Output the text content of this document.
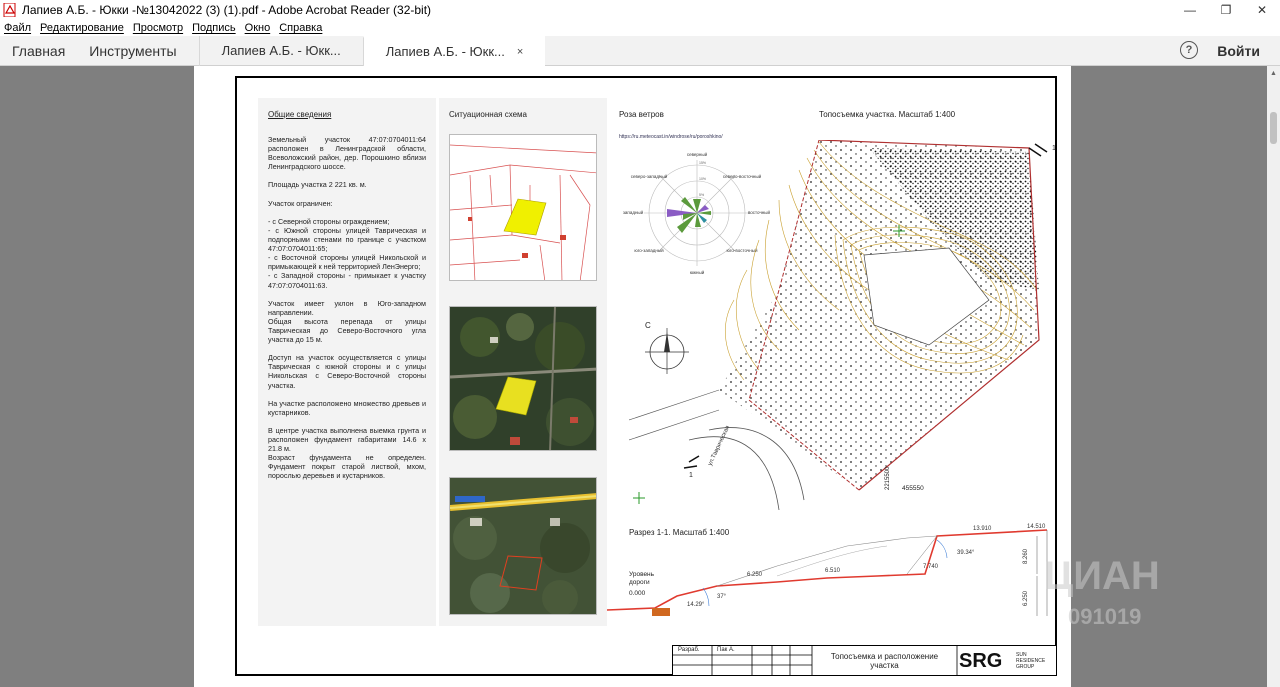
Лапиев А.Б. - Юкки -№13042022 (3) (1).pdf - Adobe Acrobat Reader (32-bit)	—	❐	✕
Файл Редактирование Просмотр Подпись Окно Справка
Главная	Инструменты	Лапиев А.Б. - Юкк...	Лапиев А.Б. - Юкк... ×	?	Войти
Общие сведения
Земельный участок 47:07:0704011:64 расположен в Ленинградской области, Всеволожский район, дер. Порошкино вблизи Ленинградского шоссе.

Площадь участка 2 221 кв. м.

Участок ограничен:

- с Северной стороны ограждением;
- с Южной стороны улицей Таврическая и подпорными стенами по границе с участком 47:07:0704011:65;
- с Восточной стороны улицей Никольской и примыкающей к ней территорией ЛенЭнерго;
- с Западной стороны - примыкает к участку 47:07:0704011:63.

Участок имеет уклон в Юго-западном направлении.
Общая высота перепада от улицы Таврическая до Северо-Восточного угла участка до 15 м.

Доступ на участок осуществляется с улицы Таврическая с южной стороны и с улицы Никольская с Северо-Восточной стороны участка.

На участке расположено множество древьев и кустарников.

В центре участка выполнена выемка грунта и расположен фундамент габаритами 14.6 х 21.8 м.
Возраст фундамента не определен. Фундамент покрыт старой листвой, мхом, порослью деревьев и кустарников.
Ситуационная схема	Роза ветров
https://ru.meteocast.in/windrose/ru/poroshkino/
северный
северо-восточный
восточный
юго-восточный
южный
юго-западный
западный
северо-западный
5%
10%
15%
Топосъемка участка. Масштаб 1:400
С
ул.Таврическая
1
1	2215500 455550
Разрез 1-1. Масштаб 1:400
6.250
6.510
7.740
13.910	14.510
6.250
8.260
14.29°
37°
39.34°
Уровень дороги
0.000
Разраб.	Пак А.
Топосъемка и расположение участка	SRG	SUN RESIDENCE GROUP
ЦИАН
091019
▲
